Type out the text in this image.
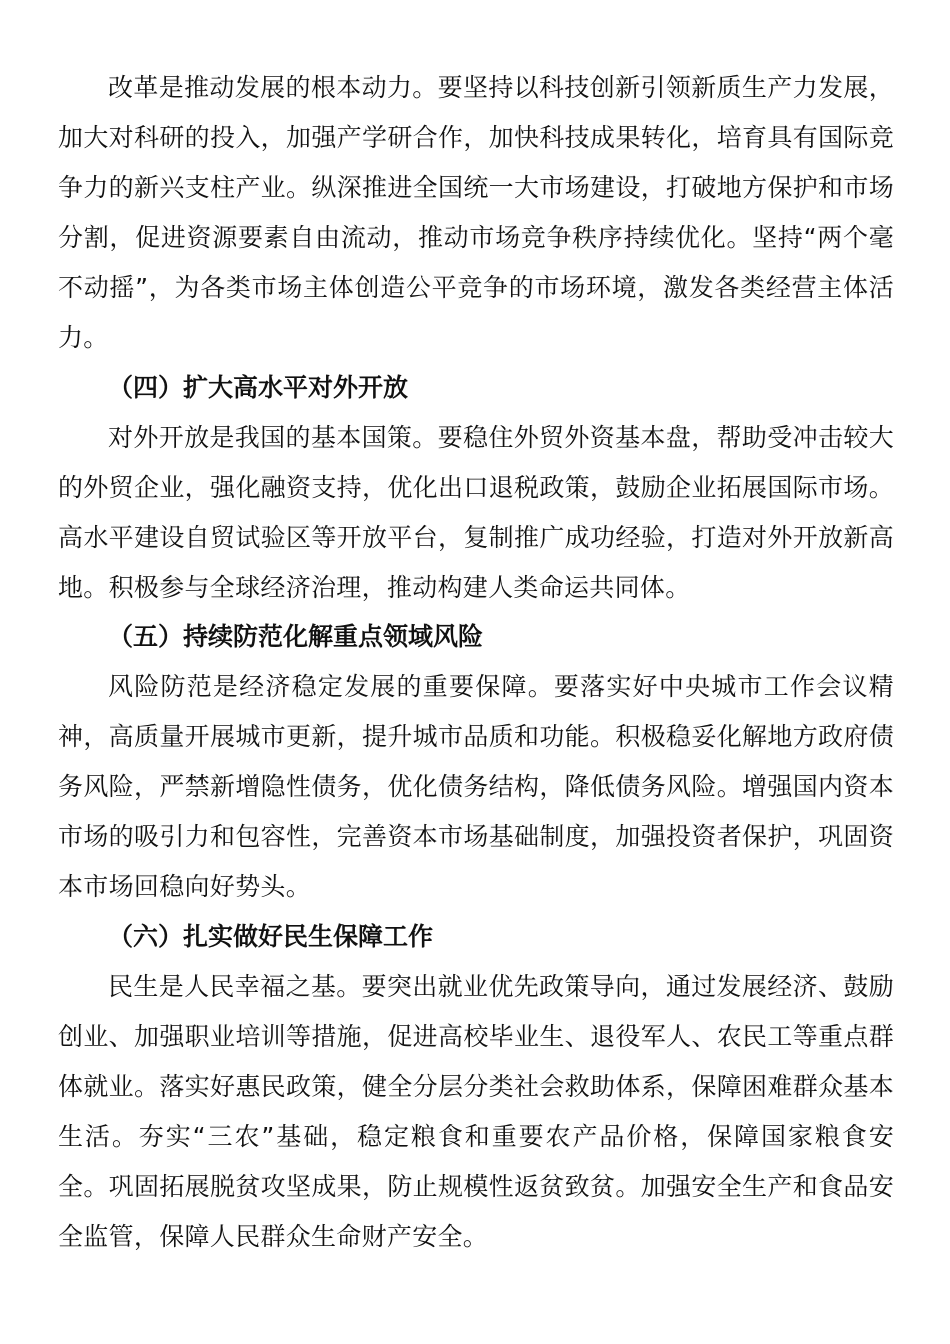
改革是推动发展的根本动力。要坚持以科技创新引领新质生产力发展，加大对科研的投入，加强产学研合作，加快科技成果转化，培育具有国际竞争力的新兴支柱产业。纵深推进全国统一大市场建设，打破地方保护和市场分割，促进资源要素自由流动，推动市场竞争秩序持续优化。坚持“两个毫不动摇”，为各类市场主体创造公平竞争的市场环境，激发各类经营主体活力。

（四）扩大高水平对外开放

对外开放是我国的基本国策。要稳住外贸外资基本盘，帮助受冲击较大的外贸企业，强化融资支持，优化出口退税政策，鼓励企业拓展国际市场。高水平建设自贸试验区等开放平台，复制推广成功经验，打造对外开放新高地。积极参与全球经济治理，推动构建人类命运共同体。

（五）持续防范化解重点领域风险

风险防范是经济稳定发展的重要保障。要落实好中央城市工作会议精神，高质量开展城市更新，提升城市品质和功能。积极稳妥化解地方政府债务风险，严禁新增隐性债务，优化债务结构，降低债务风险。增强国内资本市场的吸引力和包容性，完善资本市场基础制度，加强投资者保护，巩固资本市场回稳向好势头。

（六）扎实做好民生保障工作

民生是人民幸福之基。要突出就业优先政策导向，通过发展经济、鼓励创业、加强职业培训等措施，促进高校毕业生、退役军人、农民工等重点群体就业。落实好惠民政策，健全分层分类社会救助体系，保障困难群众基本生活。夯实“三农”基础，稳定粮食和重要农产品价格，保障国家粮食安全。巩固拓展脱贫攻坚成果，防止规模性返贫致贫。加强安全生产和食品安全监管，保障人民群众生命财产安全。
